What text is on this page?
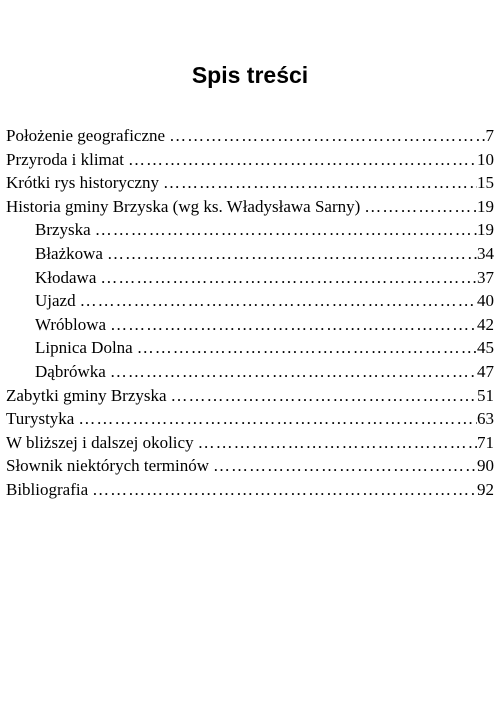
Spis treści
Położenie geograficzne ……………………………………………………………………………………………………………………………………………………………………	7
Przyroda i klimat ……………………………………………………………………………………………………………………………………………………………………	10
Krótki rys historyczny ……………………………………………………………………………………………………………………………………………………………………	15
Historia gminy Brzyska (wg ks. Władysława Sarny) ……………………………………………………………………………………………………………………………………………………………………	19
Brzyska ……………………………………………………………………………………………………………………………………………………………………	19
Błażkowa ……………………………………………………………………………………………………………………………………………………………………	34
Kłodawa ……………………………………………………………………………………………………………………………………………………………………	37
Ujazd ……………………………………………………………………………………………………………………………………………………………………	40
Wróblowa ……………………………………………………………………………………………………………………………………………………………………	42
Lipnica Dolna ……………………………………………………………………………………………………………………………………………………………………	45
Dąbrówka ……………………………………………………………………………………………………………………………………………………………………	47
Zabytki gminy Brzyska ……………………………………………………………………………………………………………………………………………………………………	51
Turystyka ……………………………………………………………………………………………………………………………………………………………………	63
W bliższej i dalszej okolicy ……………………………………………………………………………………………………………………………………………………………………	71
Słownik niektórych terminów ……………………………………………………………………………………………………………………………………………………………………	90
Bibliografia ……………………………………………………………………………………………………………………………………………………………………	92
